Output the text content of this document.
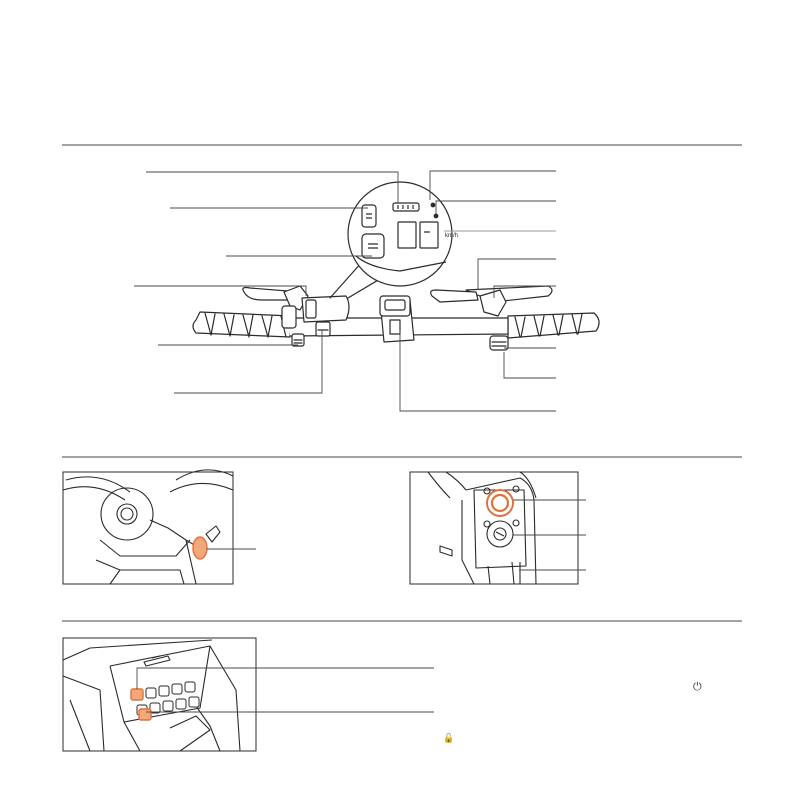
km/h
⏻
🔓
